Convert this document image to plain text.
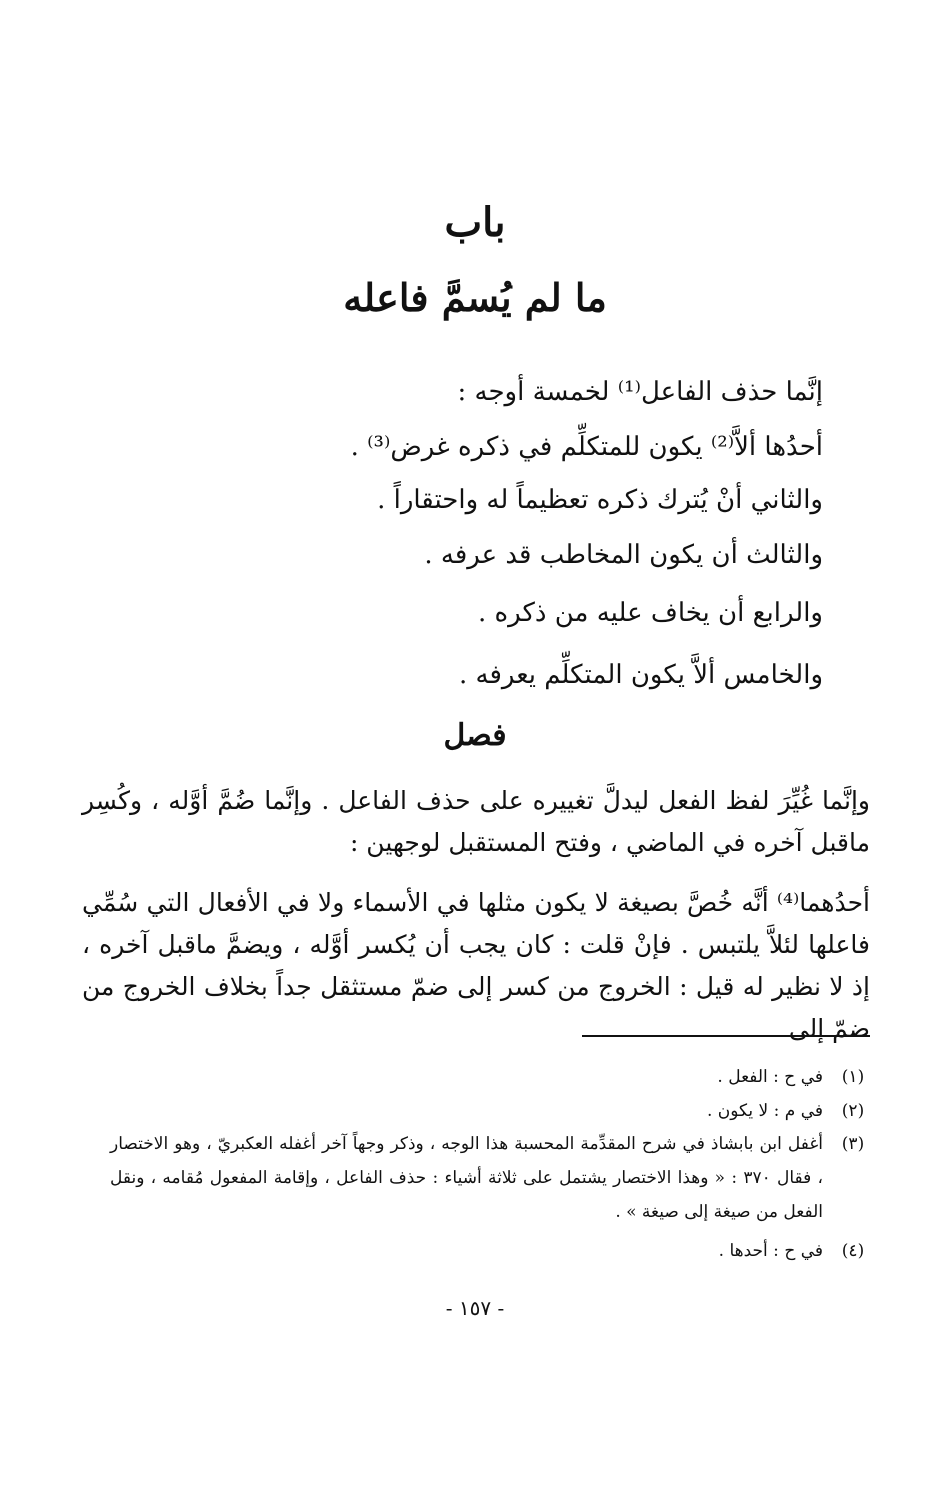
باب
ما لم يُسمَّ فاعله
إنَّما حذف الفاعل⁽¹⁾ لخمسة أوجه :
أحدُها ألاَّ⁽²⁾ يكون للمتكلِّم في ذكره غرض⁽³⁾ .
والثاني أنْ يُترك ذكره تعظيماً له واحتقاراً .
والثالث أن يكون المخاطب قد عرفه .
والرابع أن يخاف عليه من ذكره .
والخامس ألاَّ يكون المتكلِّم يعرفه .
فصل
وإنَّما غُيِّرَ لفظ الفعل ليدلَّ تغييره على حذف الفاعل . وإنَّما ضُمَّ أوَّله ، وكُسِر ماقبل آخره في الماضي ، وفتح المستقبل لوجهين :
أحدُهما⁽⁴⁾ أنَّه خُصَّ بصيغة لا يكون مثلها في الأسماء ولا في الأفعال التي سُمِّي فاعلها لئلاَّ يلتبس . فإنْ قلت : كان يجب أن يُكسر أوَّله ، ويضمَّ ماقبل آخره ، إذ لا نظير له قيل : الخروج من كسر إلى ضمّ مستثقل جداً بخلاف الخروج من ضمّ إلى
(١)
في ح : الفعل .
(٢)
في م : لا يكون .
(٣)
أغفل ابن بابشاذ في شرح المقدِّمة المحسبة هذا الوجه ، وذكر وجهاً آخر أغفله العكبريّ ، وهو الاختصار ، فقال ٣٧٠ : « وهذا الاختصار يشتمل على ثلاثة أشياء : حذف الفاعل ، وإقامة المفعول مُقامه ، ونقل الفعل من صيغة إلى صيغة » .
(٤)
في ح : أحدها .
- ١٥٧ -
